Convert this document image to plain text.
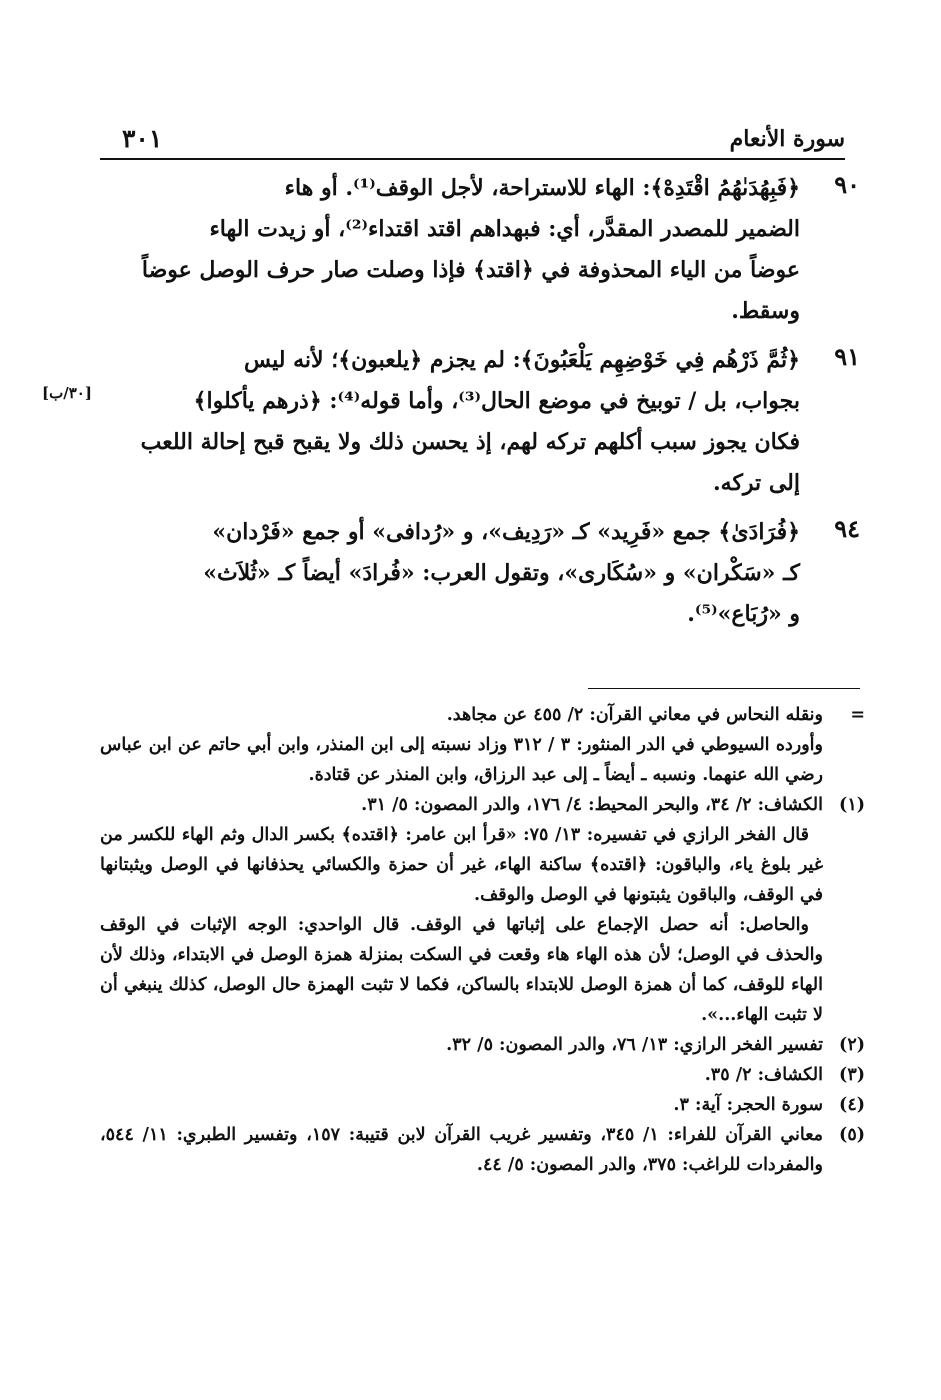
٣٠١	سورة الأنعام
٩٠
﴿فَبِهُدَىٰهُمُ اقْتَدِهْ﴾: الهاء للاستراحة، لأجل الوقف⁽¹⁾. أو هاء
الضمير للمصدر المقدَّر، أي: فبهداهم اقتد اقتداء⁽²⁾، أو زيدت الهاء
عوضاً من الياء المحذوفة في ﴿اقتد﴾ فإذا وصلت صار حرف الوصل عوضاً
وسقط.
٩١
[٣٠/ب]
﴿ثُمَّ ذَرْهُم فِي خَوْضِهِم يَلْعَبُونَ﴾: لم يجزم ﴿يلعبون﴾؛ لأنه ليس
بجواب، بل / توبيخ في موضع الحال⁽³⁾، وأما قوله⁽⁴⁾: ﴿ذرهم يأكلوا﴾
فكان يجوز سبب أكلهم تركه لهم، إذ يحسن ذلك ولا يقبح قبح إحالة اللعب
إلى تركه.
٩٤
﴿فُرَادَىٰ﴾ جمع «فَرِيد» كـ «رَدِيف»، و «رُدافى» أو جمع «فَرْدان»
كـ «سَكْران» و «سُكَارى»، وتقول العرب: «فُرادَ» أيضاً كـ «ثُلاَث»
و «رُبَاع»⁽⁵⁾.
=

ونقله النحاس في معاني القرآن: ٢/ ٤٥٥ عن مجاهد.

وأورده السيوطي في الدر المنثور: ٣ / ٣١٢ وزاد نسبته إلى ابن المنذر، وابن أبي حاتم عن ابن عباس رضي الله عنهما. ونسبه ـ أيضاً ـ إلى عبد الرزاق، وابن المنذر عن قتادة.

(١)

الكشاف: ٢/ ٣٤، والبحر المحيط: ٤/ ١٧٦، والدر المصون: ٥/ ٣١.

قال الفخر الرازي في تفسيره: ١٣/ ٧٥: «قرأ ابن عامر: ﴿اقتده﴾ بكسر الدال وثم الهاء للكسر من غير بلوغ ياء، والباقون: ﴿اقتده﴾ ساكنة الهاء، غير أن حمزة والكسائي يحذفانها في الوصل ويثبتانها في الوقف، والباقون يثبتونها في الوصل والوقف.

والحاصل: أنه حصل الإجماع على إثباتها في الوقف. قال الواحدي: الوجه الإثبات في الوقف والحذف في الوصل؛ لأن هذه الهاء هاء وقعت في السكت بمنزلة همزة الوصل في الابتداء، وذلك لأن الهاء للوقف، كما أن همزة الوصل للابتداء بالساكن، فكما لا تثبت الهمزة حال الوصل، كذلك ينبغي أن لا تثبت الهاء...».

(٢)

تفسير الفخر الرازي: ١٣/ ٧٦، والدر المصون: ٥/ ٣٢.

(٣)

الكشاف: ٢/ ٣٥.

(٤)

سورة الحجر: آية: ٣.

(٥)

معاني القرآن للفراء: ١/ ٣٤٥، وتفسير غريب القرآن لابن قتيبة: ١٥٧، وتفسير الطبري: ١١/ ٥٤٤، والمفردات للراغب: ٣٧٥، والدر المصون: ٥/ ٤٤.
